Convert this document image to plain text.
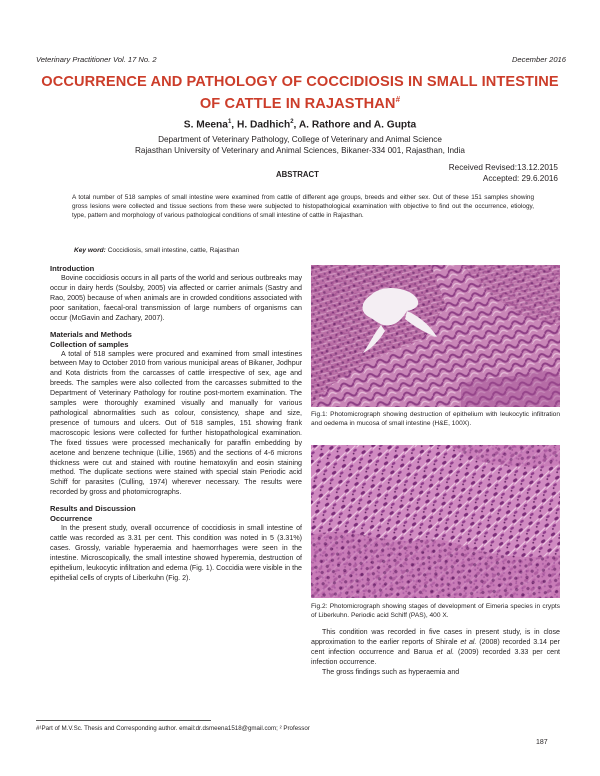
Veterinary Practitioner Vol. 17 No. 2	December 2016
OCCURRENCE AND PATHOLOGY OF COCCIDIOSIS IN SMALL INTESTINE
OF CATTLE IN RAJASTHAN#
S. Meena$^1$, H. Dadhich$^2$, A. Rathore and A. Gupta
Department of Veterinary Pathology, College of Veterinary and Animal Science
Rajasthan University of Veterinary and Animal Sciences, Bikaner-334 001, Rajasthan, India
ABSTRACT
Received Revised:13.12.2015
Accepted: 29.6.2016
A total number of 518 samples of small intestine were examined from cattle of different age groups, breeds and either sex. Out of these 151 samples showing gross lesions were collected and tissue sections from these were subjected to histopathological examination with objective to find out the occurrence, etiology, type, pattern and morphology of various pathological conditions of small intestine of cattle in Rajasthan.
Key word: Coccidiosis, small intestine, cattle, Rajasthan
Introduction

Bovine coccidiosis occurs in all parts of the world and serious outbreaks may occur in dairy herds (Soulsby, 2005) via affected or carrier animals (Sastry and Rao, 2005) because of when animals are in crowded conditions associated with poor sanitation, faecal-oral transmission of large numbers of organisms can occur (McGavin and Zachary, 2007).

Materials and Methods
Collection of samples

A total of 518 samples were procured and examined from small intestines between May to October 2010 from various municipal areas of Bikaner, Jodhpur and Kota districts from the carcasses of cattle irrespective of sex, age and breeds. The samples were also collected from the carcasses submitted to the Department of Veterinary Pathology for routine post-mortem examination. The samples were thoroughly examined visually and manually for various pathological abnormalities such as colour, consistency, shape and size, presence of tumours and ulcers. Out of 518 samples, 151 showing frank macroscopic lesions were collected for further histopathological examination. The fixed tissues were processed mechanically for paraffin embedding by acetone and benzene technique (Lillie, 1965) and the sections of 4-6 microns thickness were cut and stained with routine hematoxylin and eosin staining method. The duplicate sections were stained with special stain Periodic acid Schiff for parasites (Culling, 1974) wherever necessary. The results were recorded by gross and photomicrographs.

Results and Discussion
Occurrence

In the present study, overall occurrence of coccidiosis in small intestine of cattle was recorded as 3.31 per cent. This condition was noted in 5 (3.31%) cases. Grossly, variable hyperaemia and haemorrhages were seen in the intestine. Microscopically, the small intestine showed hyperemia, destruction of epithelium, leukocytic infiltration and edema (Fig. 1). Coccidia were visible in the epithelial cells of crypts of Liberkuhn (Fig. 2).

Fig.1: Photomicrograph showing destruction of epithelium with leukocytic infiltration and oedema in mucosa of small intestine (H&E, 100X).
Fig.2: Photomicrograph showing stages of development of Eimeria species in crypts of Liberkuhn. Periodic acid Schiff (PAS), 400 X.

This condition was recorded in five cases in present study, is in close approximation to the earlier reports of Shirale et al. (2008) recorded 3.14 per cent infection occurrence and Barua et al. (2009) recorded 3.33 per cent infection occurrence.

The gross findings such as hyperaemia and

#¹Part of M.V.Sc. Thesis and Corresponding author. email:dr.dsmeena1518@gmail.com; ² Professor
187
